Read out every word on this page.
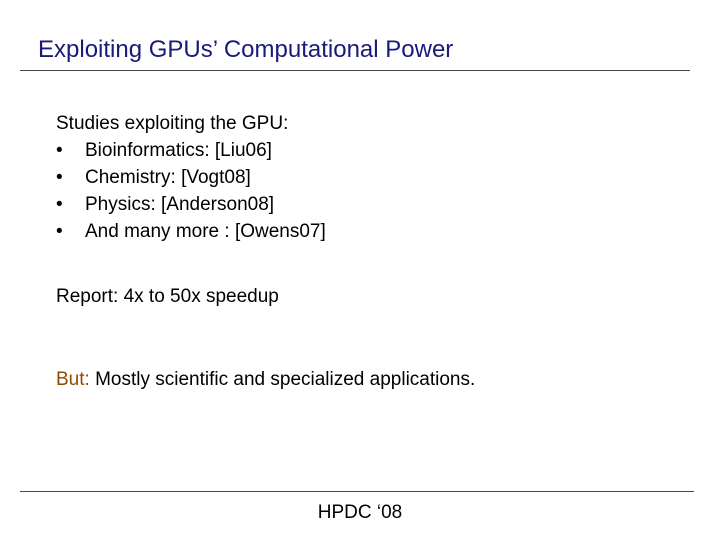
Exploiting GPUs’ Computational Power
Studies exploiting the GPU:
• Bioinformatics: [Liu06]
• Chemistry: [Vogt08]
• Physics: [Anderson08]
• And many more : [Owens07]
Report: 4x to 50x speedup
But: Mostly scientific and specialized applications.
HPDC ‘08
